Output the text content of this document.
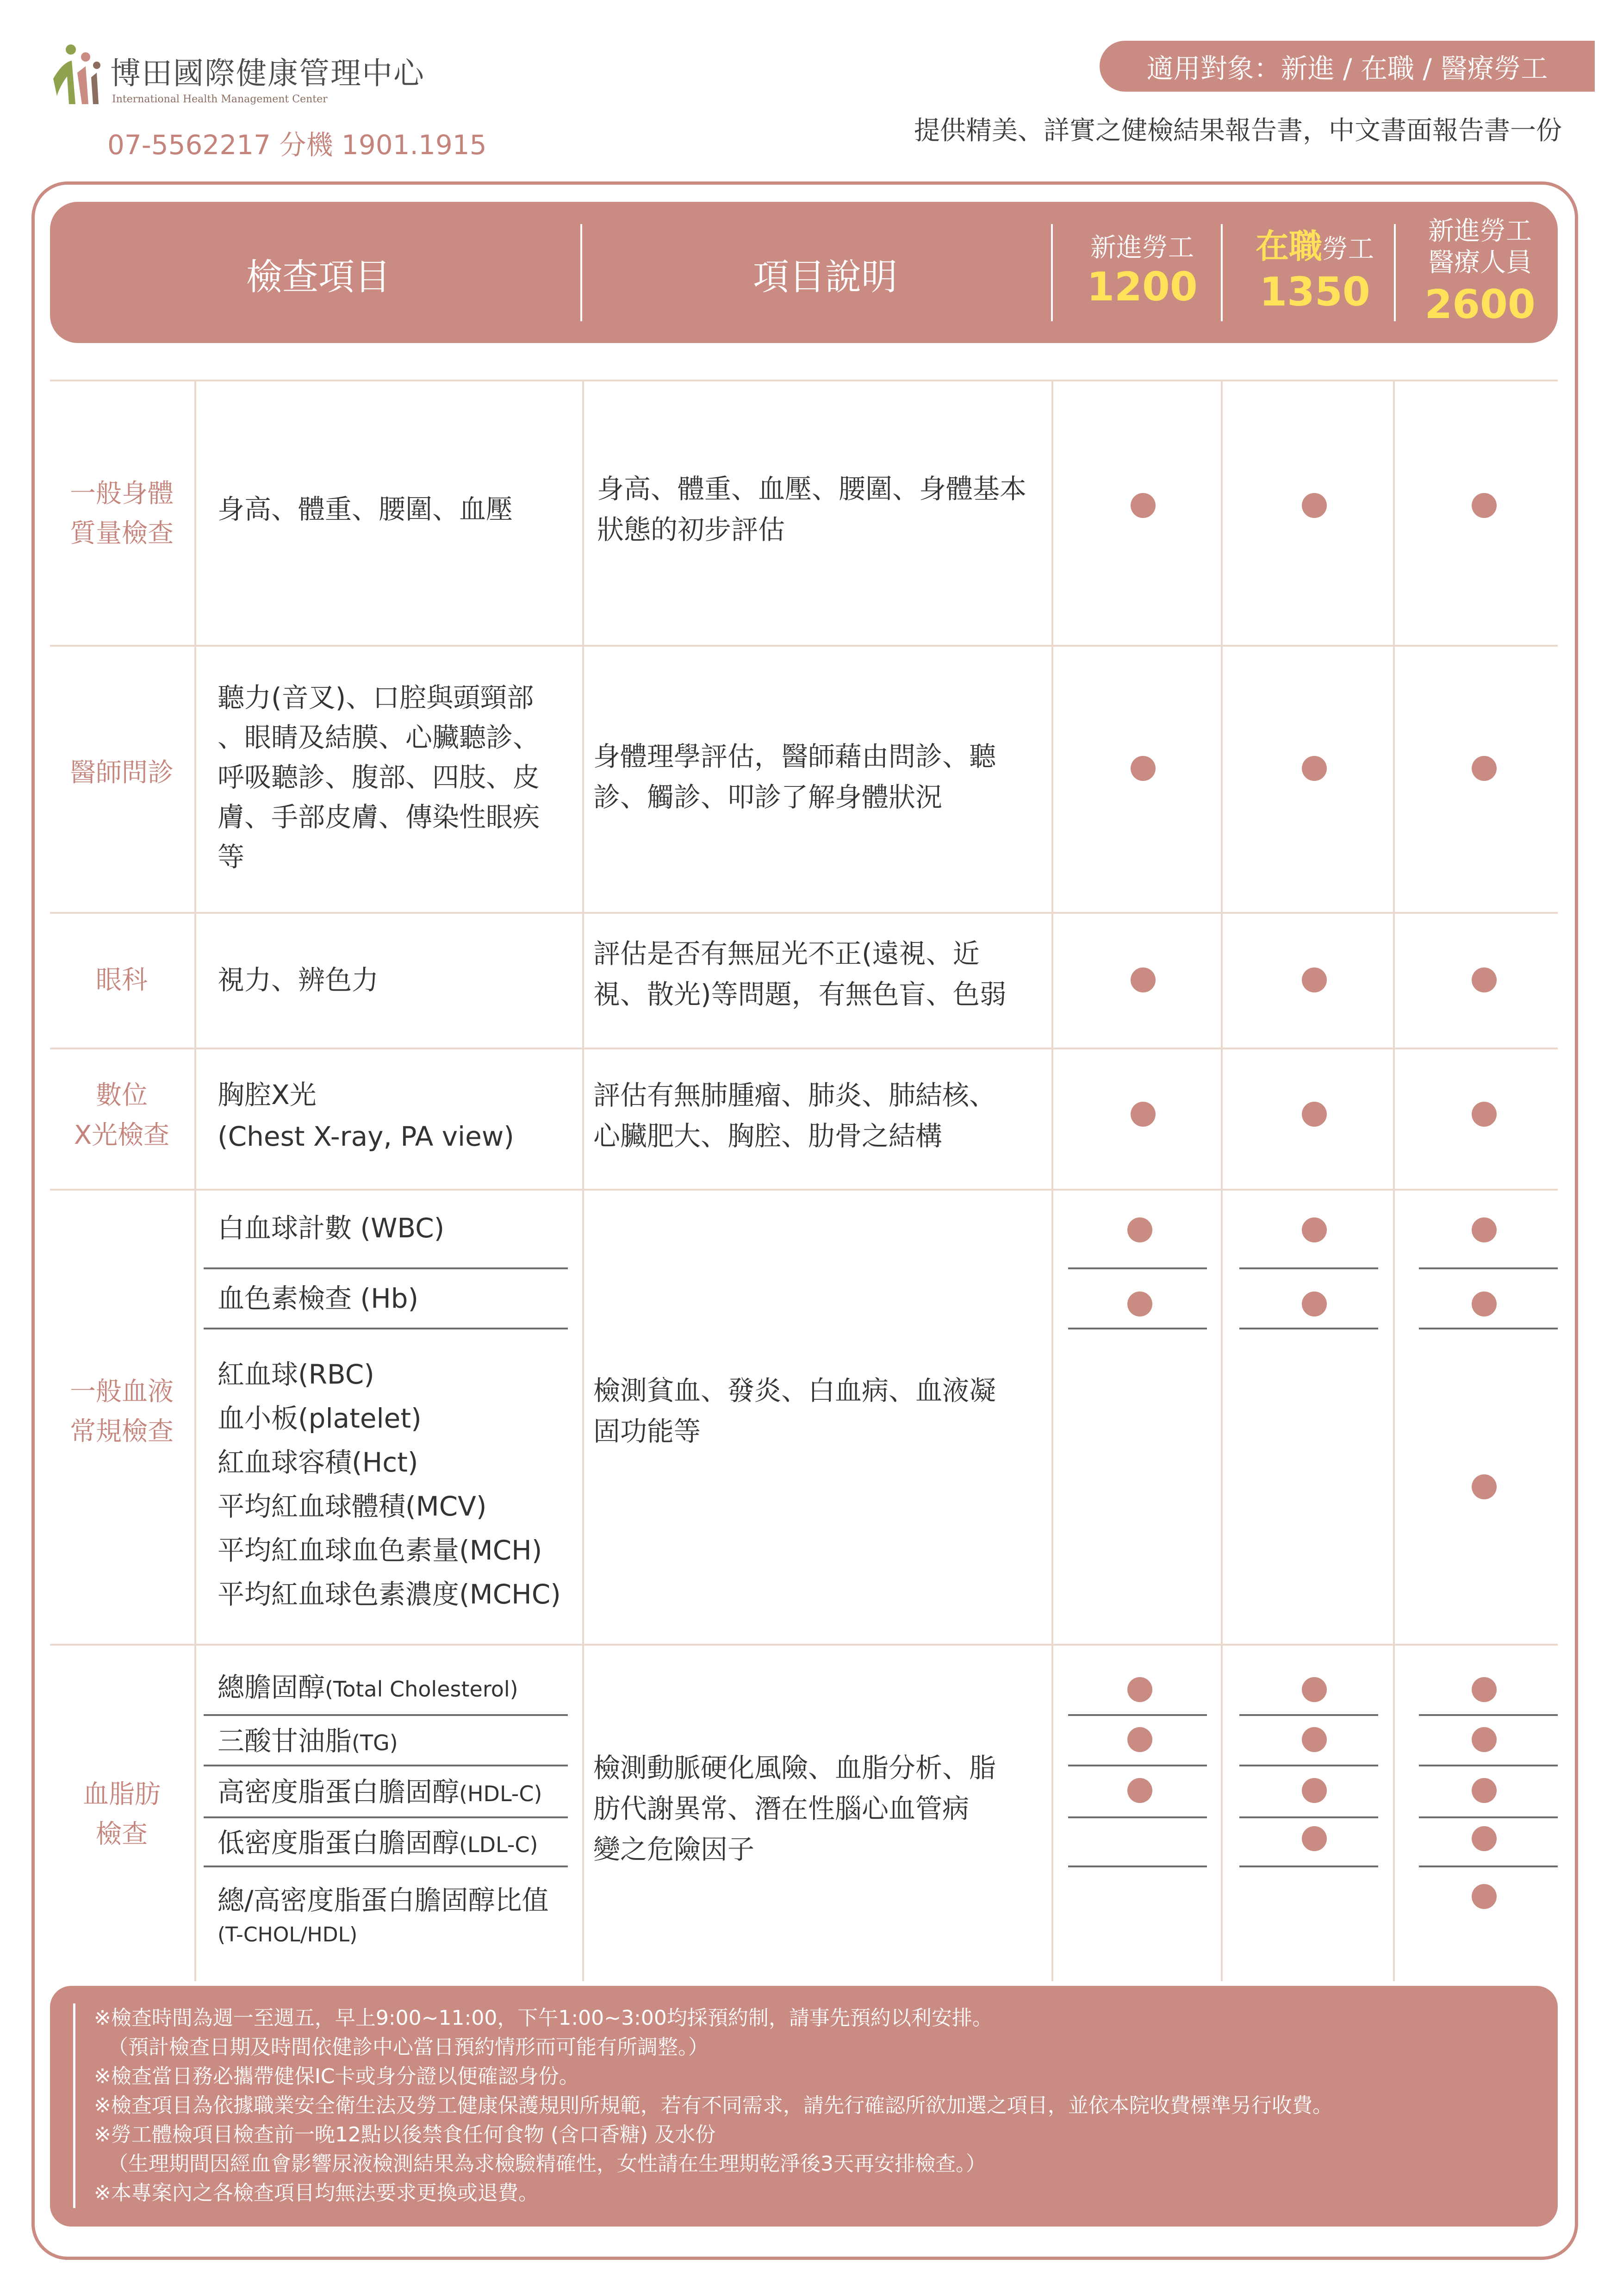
博田國際健康管理中心
International Health Management Center
07-5562217 分機 1901.1915
適用對象：新進 / 在職 / 醫療勞工
提供精美、詳實之健檢結果報告書，中文書面報告書一份
檢查項目	項目說明
新進勞工
1200
在職勞工
1350
新進勞工
醫療人員
2600
一般身體
質量檢查
身高、體重、腰圍、血壓
身高、體重、血壓、腰圍、身體基本
狀態的初步評估
醫師問診
聽力(音叉)、口腔與頭頸部
、眼睛及結膜、心臟聽診、
呼吸聽診、腹部、四肢、皮
膚、手部皮膚、傳染性眼疾
等
身體理學評估，醫師藉由問診、聽
診、觸診、叩診了解身體狀況
眼科	視力、辨色力
評估是否有無屈光不正(遠視、近
視、散光)等問題，有無色盲、色弱
數位
X光檢查
胸腔X光
(Chest X-ray, PA view)
評估有無肺腫瘤、肺炎、肺結核、
心臟肥大、胸腔、肋骨之結構
一般血液
常規檢查
白血球計數 (WBC)
血色素檢查 (Hb)
紅血球(RBC)
血小板(platelet)
紅血球容積(Hct)
平均紅血球體積(MCV)
平均紅血球血色素量(MCH)
平均紅血球色素濃度(MCHC)
檢測貧血、發炎、白血病、血液凝
固功能等
血脂肪
檢查
總膽固醇(Total Cholesterol)
三酸甘油脂(TG)
高密度脂蛋白膽固醇(HDL-C)
低密度脂蛋白膽固醇(LDL-C)
總/高密度脂蛋白膽固醇比值
(T-CHOL/HDL)
檢測動脈硬化風險、血脂分析、脂
肪代謝異常、潛在性腦心血管病
變之危險因子
※檢查時間為週一至週五，早上9:00~11:00，下午1:00~3:00均採預約制，請事先預約以利安排。
（預計檢查日期及時間依健診中心當日預約情形而可能有所調整。）
※檢查當日務必攜帶健保IC卡或身分證以便確認身份。
※檢查項目為依據職業安全衛生法及勞工健康保護規則所規範，若有不同需求，請先行確認所欲加選之項目，並依本院收費標準另行收費。
※勞工體檢項目檢查前一晚12點以後禁食任何食物 (含口香糖) 及水份
（生理期間因經血會影響尿液檢測結果為求檢驗精確性，女性請在生理期乾淨後3天再安排檢查。）
※本專案內之各檢查項目均無法要求更換或退費。
